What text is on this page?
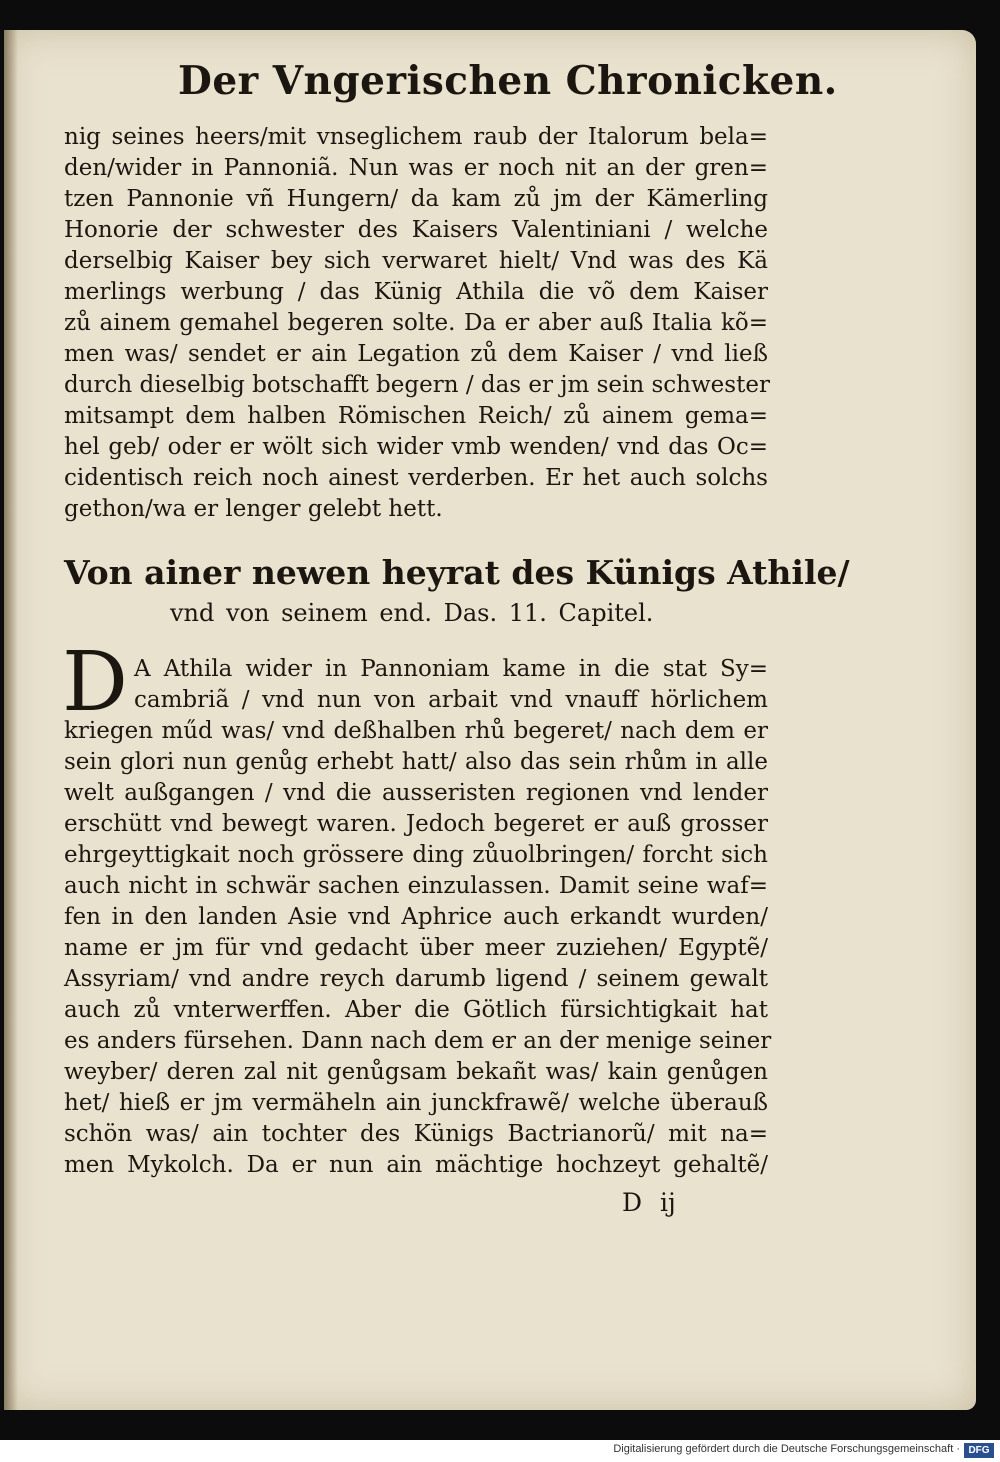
Der Vngerischen Chronicken.
nig seines heers/mit vnseglichem raub der Italorum bela=
den/wider in Pannoniã. Nun was er noch nit an der gren=
tzen Pannonie vñ Hungern/ da kam zů jm der Kämerling
Honorie der schwester des Kaisers Valentiniani / welche
derselbig Kaiser bey sich verwaret hielt/ Vnd was des Kä
merlings werbung / das Künig Athila die võ dem Kaiser
zů ainem gemahel begeren solte. Da er aber auß Italia kõ=
men was/ sendet er ain Legation zů dem Kaiser / vnd ließ
durch dieselbig botschafft begern / das er jm sein schwester
mitsampt dem halben Römischen Reich/ zů ainem gema=
hel geb/ oder er wölt sich wider vmb wenden/ vnd das Oc=
cidentisch reich noch ainest verderben. Er het auch solchs
gethon/wa er lenger gelebt hett.
Von ainer newen heyrat des Künigs Athile/
vnd von seinem end. Das. 11. Capitel.
D A Athila wider in Pannoniam kame in die stat Sy=
cambriã / vnd nun von arbait vnd vnauff hörlichem
kriegen műd was/ vnd deßhalben rhů begeret/ nach dem er
sein glori nun genůg erhebt hatt/ also das sein rhům in alle
welt außgangen / vnd die ausseristen regionen vnd lender
erschütt vnd bewegt waren. Jedoch begeret er auß grosser
ehrgeyttigkait noch grössere ding zůuolbringen/ forcht sich
auch nicht in schwär sachen einzulassen. Damit seine waf=
fen in den landen Asie vnd Aphrice auch erkandt wurden/
name er jm für vnd gedacht über meer zuziehen/ Egyptẽ/
Assyriam/ vnd andre reych darumb ligend / seinem gewalt
auch zů vnterwerffen. Aber die Götlich fürsichtigkait hat
es anders fürsehen. Dann nach dem er an der menige seiner
weyber/ deren zal nit genůgsam bekañt was/ kain genůgen
het/ hieß er jm vermäheln ain junckfrawẽ/ welche überauß
schön was/ ain tochter des Künigs Bactrianorũ/ mit na=
men Mykolch. Da er nun ain mächtige hochzeyt gehaltẽ/
D ij
Digitalisierung gefördert durch die Deutsche Forschungsgemeinschaft · DFG
